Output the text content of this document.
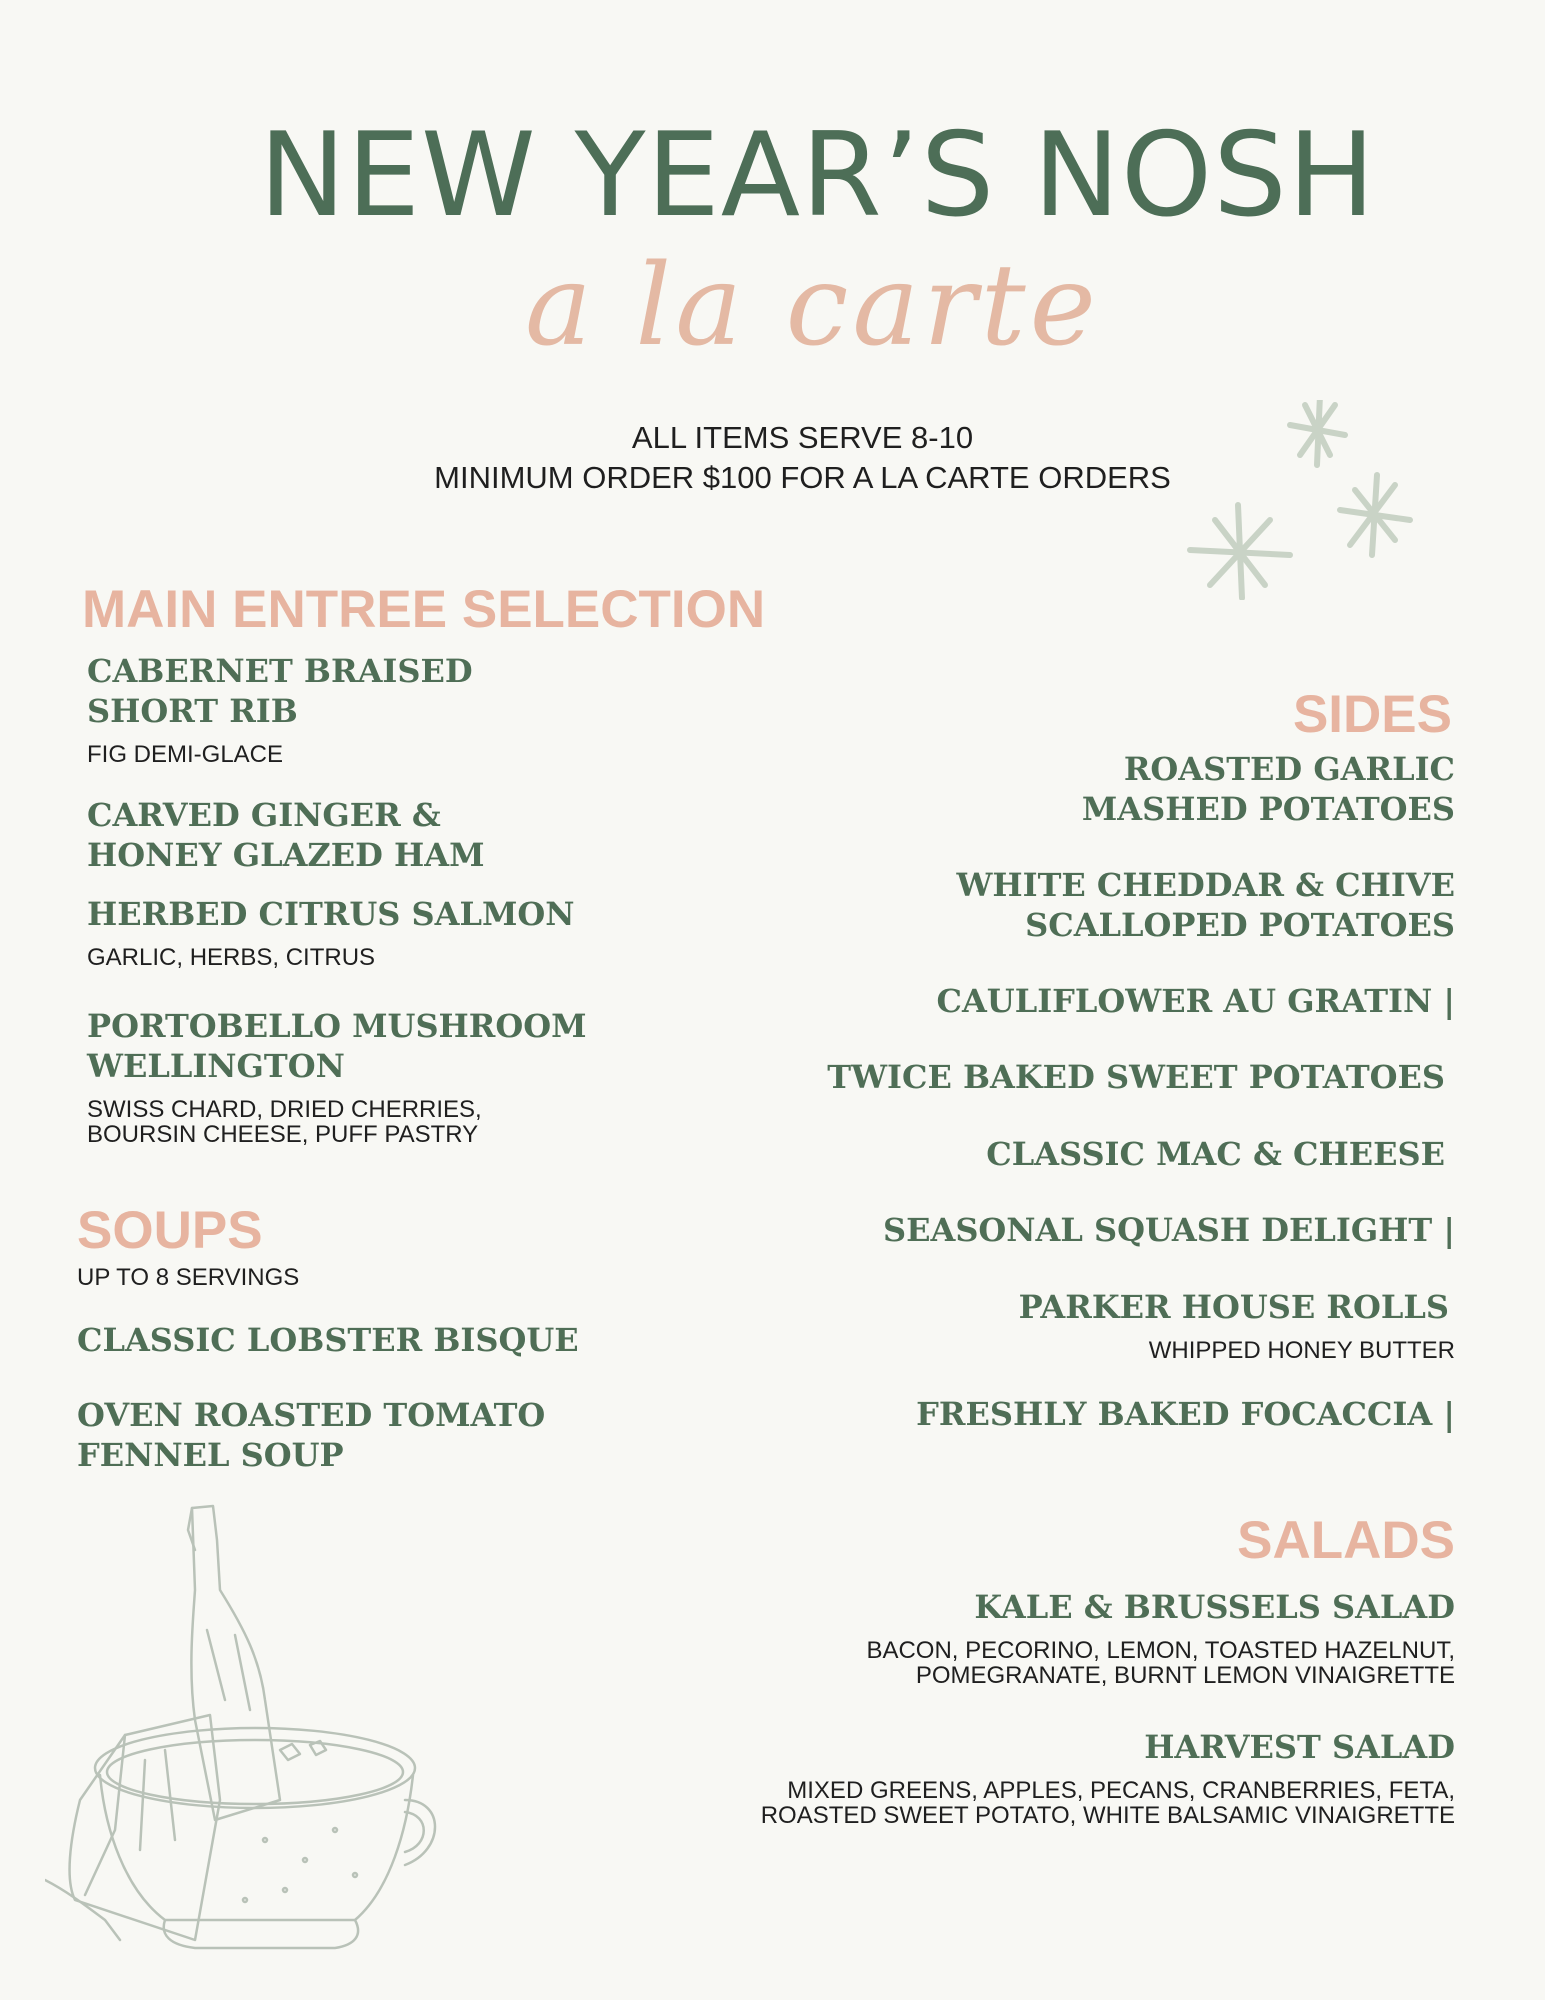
NEW YEAR’S NOSH
a la carte
ALL ITEMS SERVE 8-10
MINIMUM ORDER $100 FOR A LA CARTE ORDERS
MAIN ENTREE SELECTION
CABERNET BRAISED
SHORT RIB
FIG DEMI-GLACE
CARVED GINGER &
HONEY GLAZED HAM
HERBED CITRUS SALMON
GARLIC, HERBS, CITRUS
PORTOBELLO MUSHROOM
WELLINGTON
SWISS CHARD, DRIED CHERRIES,
BOURSIN CHEESE, PUFF PASTRY
SOUPS
UP TO 8 SERVINGS
CLASSIC LOBSTER BISQUE
OVEN ROASTED TOMATO
FENNEL SOUP
SIDES
ROASTED GARLIC
MASHED POTATOES
WHITE CHEDDAR & CHIVE
SCALLOPED POTATOES
CAULIFLOWER AU GRATIN |
TWICE BAKED SWEET POTATOES
CLASSIC MAC & CHEESE
SEASONAL SQUASH DELIGHT |
PARKER HOUSE ROLLS
WHIPPED HONEY BUTTER
FRESHLY BAKED FOCACCIA |
SALADS
KALE & BRUSSELS SALAD
BACON, PECORINO, LEMON, TOASTED HAZELNUT,
POMEGRANATE, BURNT LEMON VINAIGRETTE
HARVEST SALAD
MIXED GREENS, APPLES, PECANS, CRANBERRIES, FETA,
ROASTED SWEET POTATO, WHITE BALSAMIC VINAIGRETTE
